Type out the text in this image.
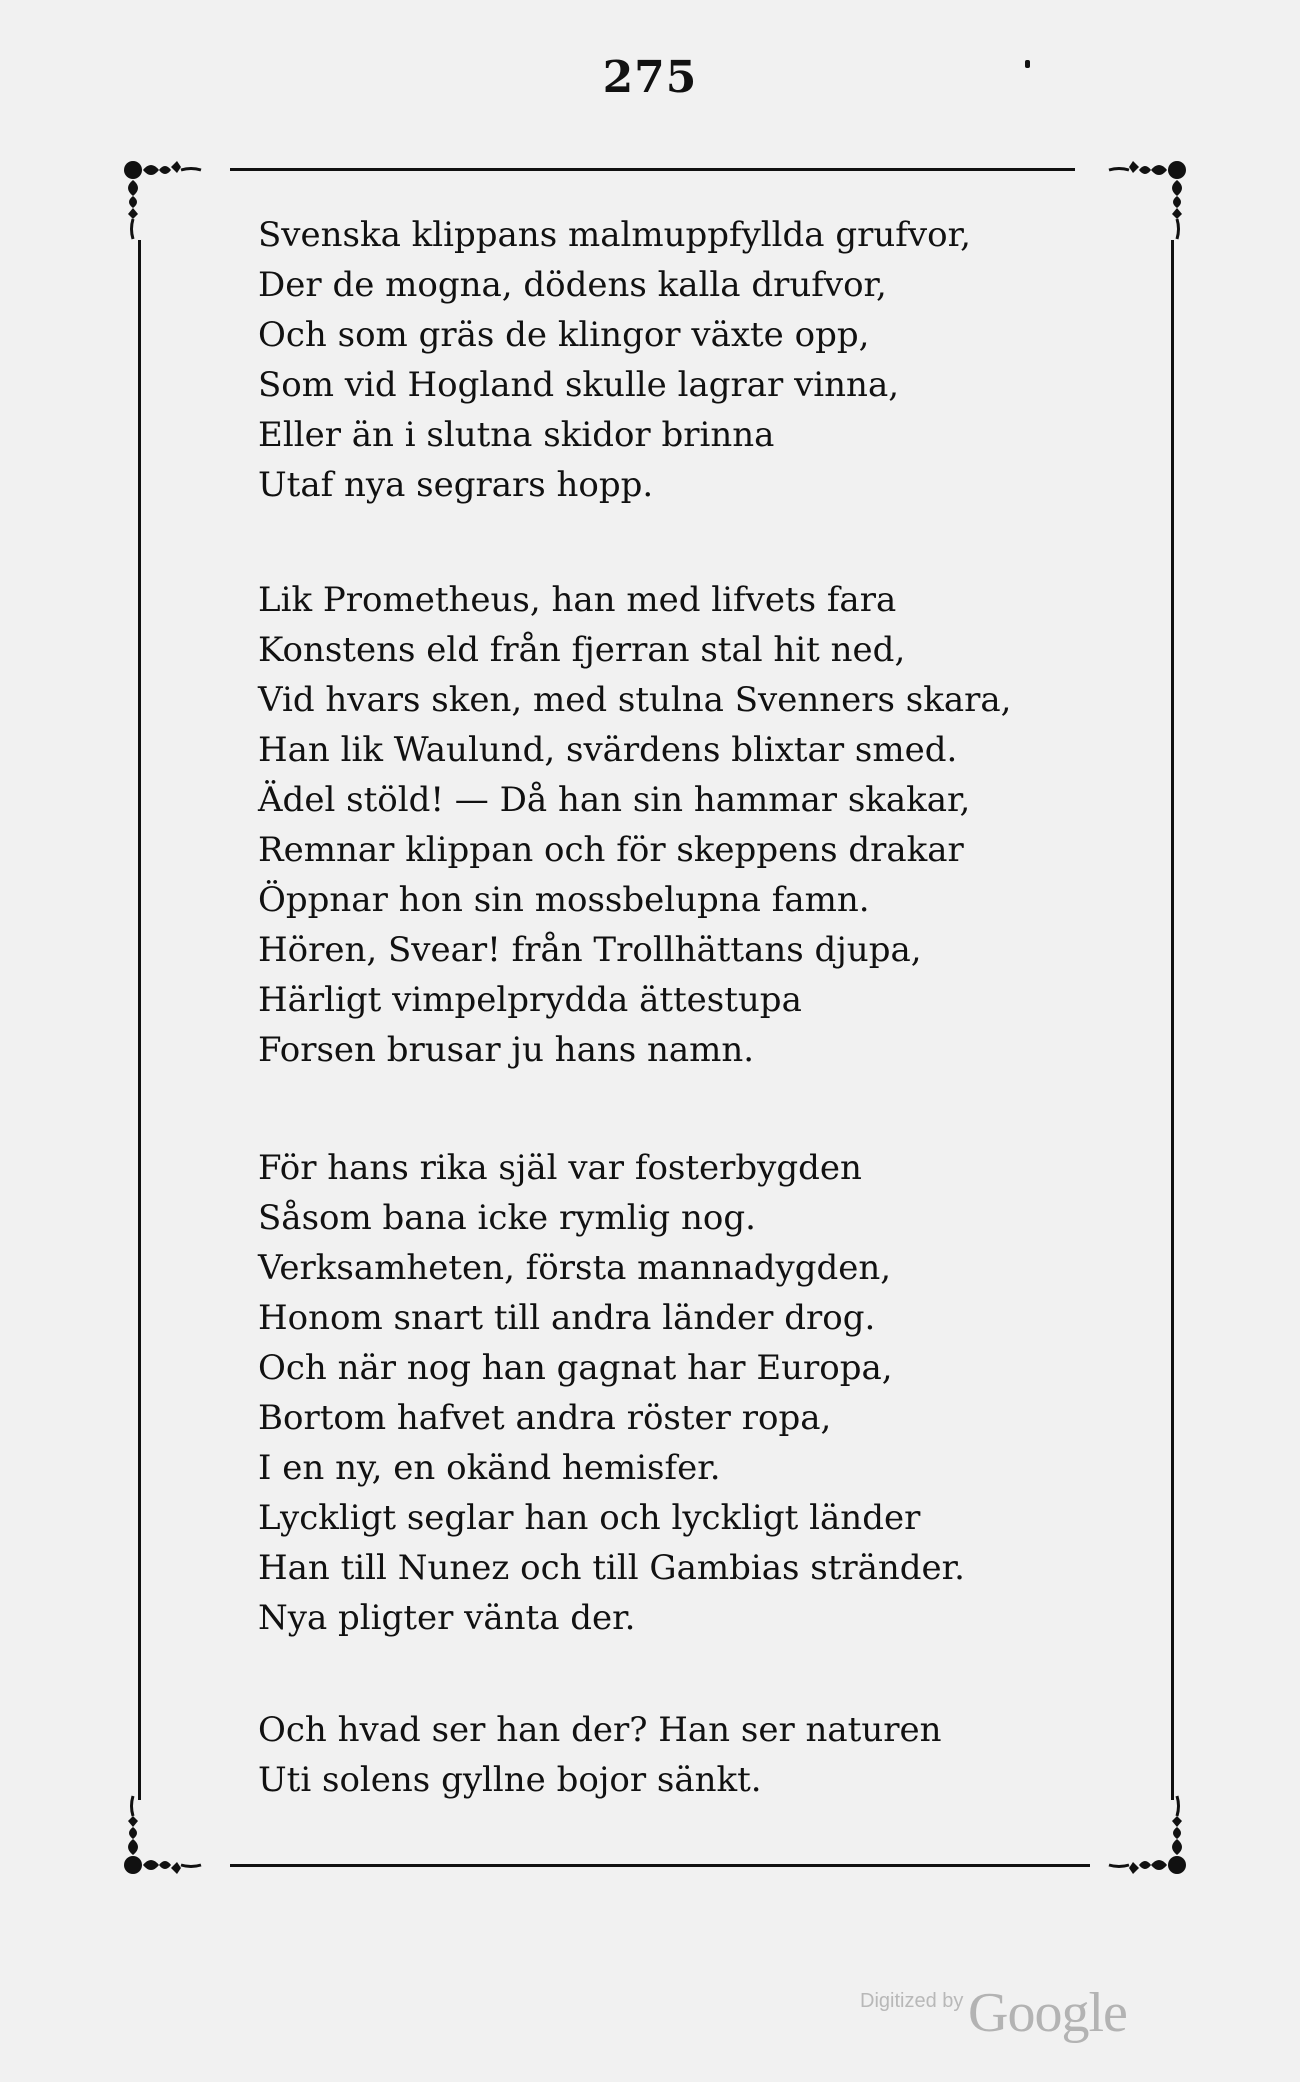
275
Svenska klippans malmuppfyllda grufvor,
Der de mogna, dödens kalla drufvor,
Och som gräs de klingor växte opp,
Som vid Hogland skulle lagrar vinna,
Eller än i slutna skidor brinna
Utaf nya segrars hopp.
Lik Prometheus, han med lifvets fara
Konstens eld från fjerran stal hit ned,
Vid hvars sken, med stulna Svenners skara,
Han lik Waulund, svärdens blixtar smed.
Ädel stöld! — Då han sin hammar skakar,
Remnar klippan och för skeppens drakar
Öppnar hon sin mossbelupna famn.
Hören, Svear! från Trollhättans djupa,
Härligt vimpelprydda ättestupa
Forsen brusar ju hans namn.
För hans rika själ var fosterbygden
Såsom bana icke rymlig nog.
Verksamheten, första mannadygden,
Honom snart till andra länder drog.
Och när nog han gagnat har Europa,
Bortom hafvet andra röster ropa,
I en ny, en okänd hemisfer.
Lyckligt seglar han och lyckligt länder
Han till Nunez och till Gambias stränder.
Nya pligter vänta der.
Och hvad ser han der? Han ser naturen
Uti solens gyllne bojor sänkt.
Digitized by Google
